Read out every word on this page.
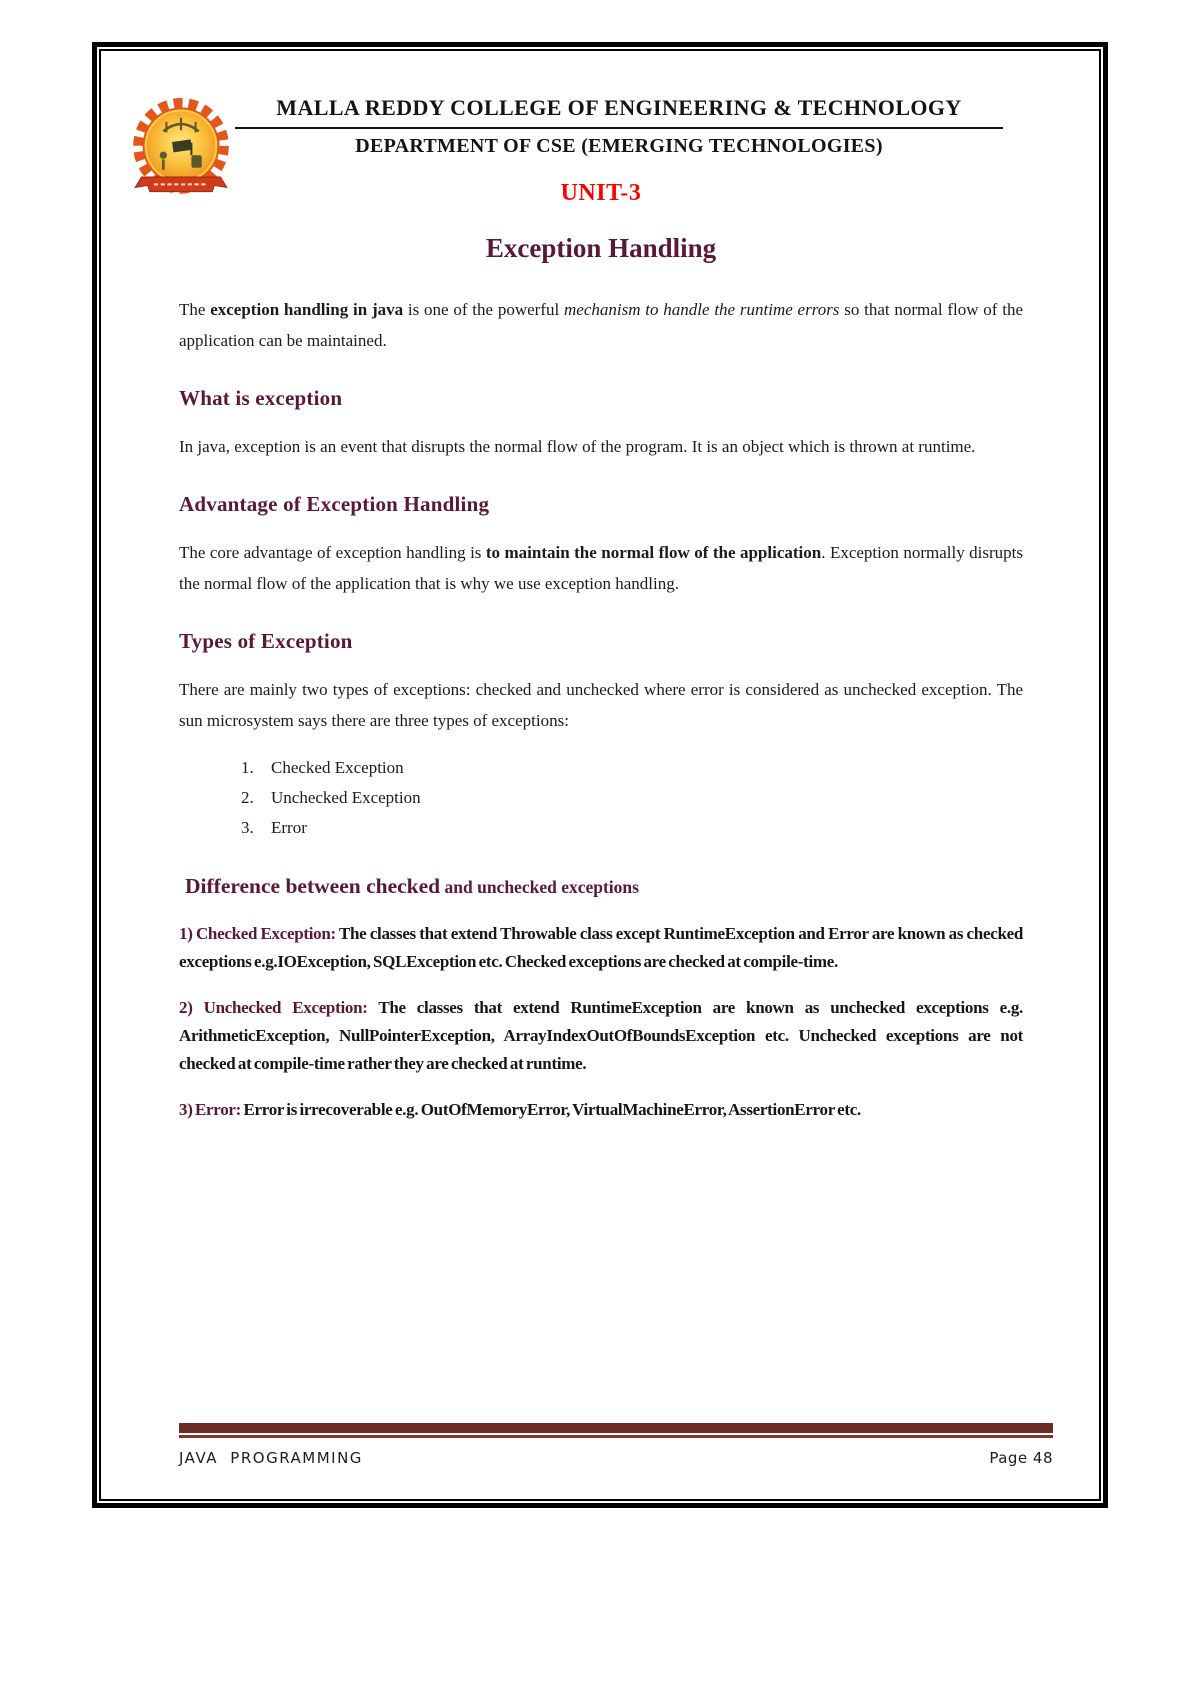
MALLA REDDY COLLEGE OF ENGINEERING & TECHNOLOGY
DEPARTMENT OF CSE (EMERGING TECHNOLOGIES)
UNIT-3
Exception Handling

The exception handling in java is one of the powerful mechanism to handle the runtime errors so that normal flow of the application can be maintained.

What is exception

In java, exception is an event that disrupts the normal flow of the program. It is an object which is thrown at runtime.

Advantage of Exception Handling

The core advantage of exception handling is to maintain the normal flow of the application. Exception normally disrupts the normal flow of the application that is why we use exception handling.

Types of Exception

There are mainly two types of exceptions: checked and unchecked where error is considered as unchecked exception. The sun microsystem says there are three types of exceptions:

1. Checked Exception
2. Unchecked Exception
3. Error
Difference between checked and unchecked exceptions

1) Checked Exception: The classes that extend Throwable class except RuntimeException and Error are known as checked exceptions e.g.IOException, SQLException etc. Checked exceptions are checked at compile-time.

2) Unchecked Exception: The classes that extend RuntimeException are known as unchecked exceptions e.g. ArithmeticException, NullPointerException, ArrayIndexOutOfBoundsException etc. Unchecked exceptions are not checked at compile-time rather they are checked at runtime.

3) Error: Error is irrecoverable e.g. OutOfMemoryError, VirtualMachineError, AssertionError etc.

JAVA PROGRAMMING	Page 48
